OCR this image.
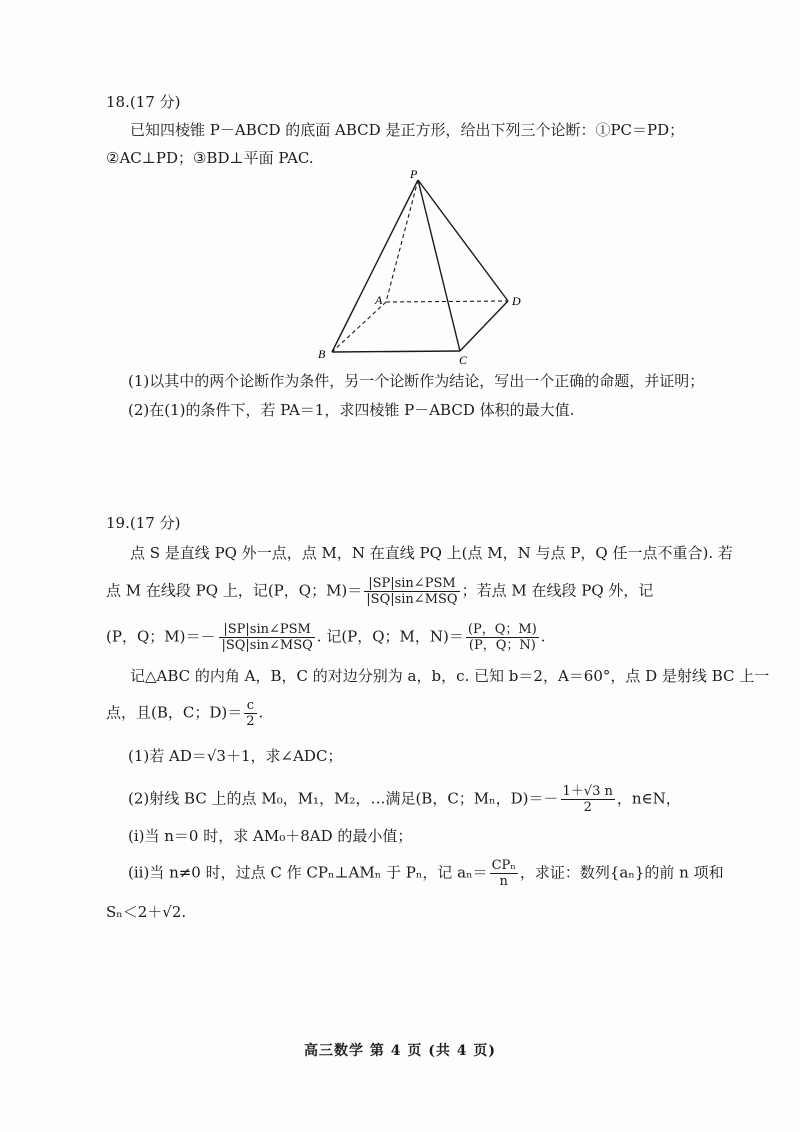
18.(17 分)
已知四棱锥 P－ABCD 的底面 ABCD 是正方形，给出下列三个论断：①PC＝PD；
②AC⊥PD；③BD⊥平面 PAC.
P
A
B	C
D
(1)以其中的两个论断作为条件，另一个论断作为结论，写出一个正确的命题，并证明；
(2)在(1)的条件下，若 PA＝1，求四棱锥 P－ABCD 体积的最大值.
19.(17 分)
点 S 是直线 PQ 外一点，点 M，N 在直线 PQ 上(点 M，N 与点 P，Q 任一点不重合). 若
点 M 在线段 PQ 上，记(P，Q；$M)= \frac{\text{|SP|sin∠PSM}}{\text{|SQ|sin∠MSQ}}$ ；若点 M 在线段 PQ 外，记
(P，Q；$M)=- \frac{\text{|SP|sin∠PSM}}{\text{|SQ|sin∠MSQ}}$ . 记(P，Q；M，$N)= \frac{(P,Q;M)}{(P,Q;N)}$ .
记△ABC 的内角 A，B，C 的对边分别为 a，b，c. 已知 b＝2，A＝60°，点 D 是射线 BC 上一
点，且(B，C；$D)= \frac{c}{2}$ .
(1)若 AD＝√3＋1，求∠ADC；
(2)射线 BC 上的点 M₀，M₁，M₂，…满足(B，C；Mₙ，$D)=- \frac{1+√3 n}{2}$ ，n∈N，
(i)当 n＝0 时，求 AM₀＋8AD 的最小值；
(ii)当 n≠0 时，过点 C 作 CPₙ⊥AMₙ 于 Pₙ，记 $a_n= \frac{\text{CPₙ}}{n}$ ，求证：数列{aₙ}的前 n 项和
Sₙ＜2＋√2.
高三数学 第 4 页 (共 4 页)
